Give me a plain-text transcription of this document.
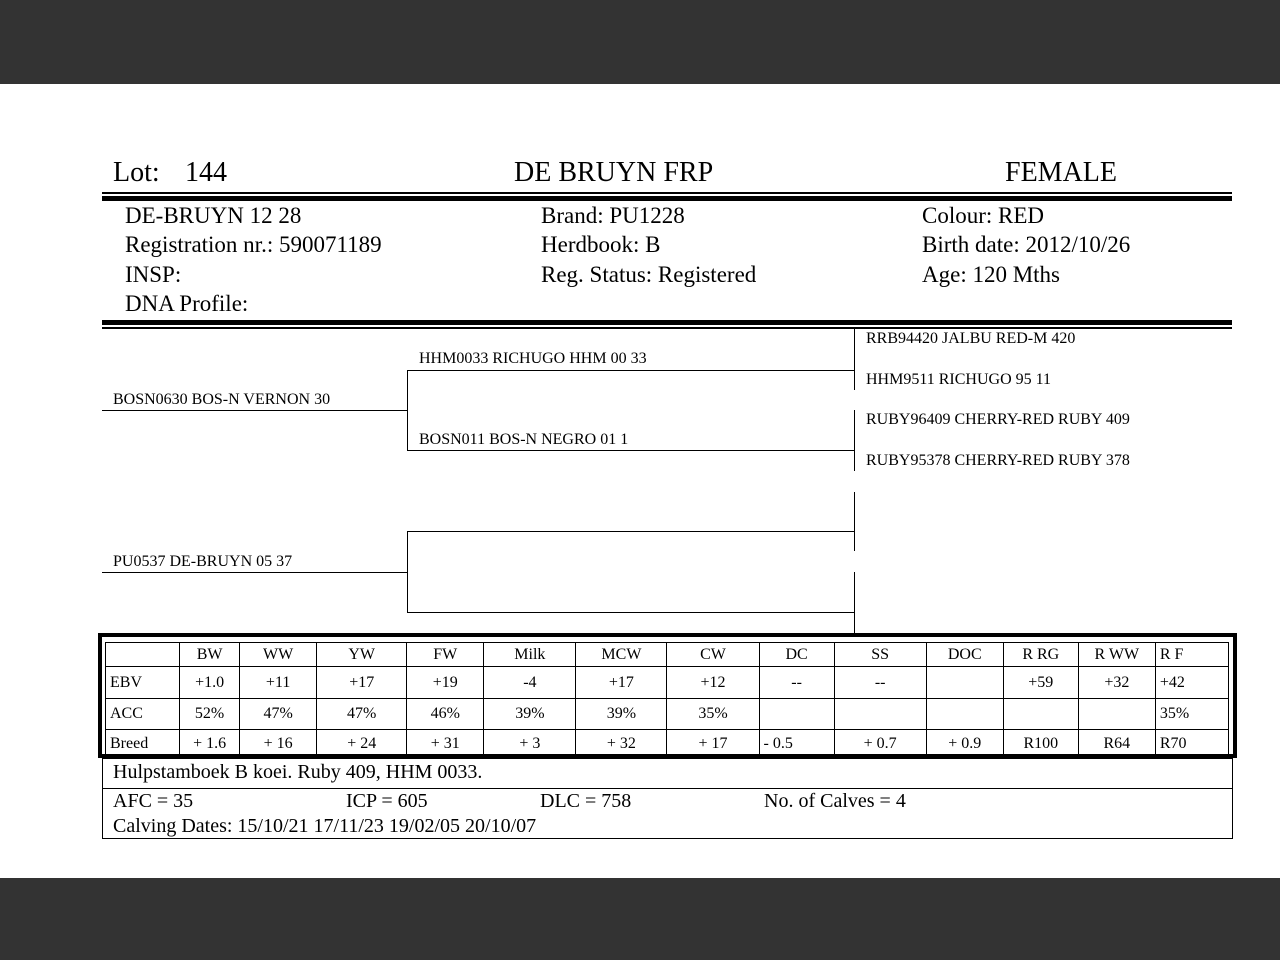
Lot: 144	DE BRUYN FRP	FEMALE
DE-BRUYN 12 28
Registration nr.: 590071189
INSP:
DNA Profile:
Brand: PU1228
Herdbook: B
Reg. Status: Registered
Colour: RED
Birth date: 2012/10/26
Age: 120 Mths
BOSN0630 BOS-N VERNON 30
HHM0033 RICHUGO HHM 00 33
BOSN011 BOS-N NEGRO 01 1
PU0537 DE-BRUYN 05 37
RRB94420 JALBU RED-M 420
HHM9511 RICHUGO 95 11
RUBY96409 CHERRY-RED RUBY 409
RUBY95378 CHERRY-RED RUBY 378
	BW	WW	YW	FW	Milk	MCW	CW	DC	SS	DOC	R RG	R WW	R F
EBV	+1.0	+11	+17	+19	-4	+17	+12	--	--		+59	+32	+42
ACC	52%	47%	47%	46%	39%	39%	35%						35%
Breed	+ 1.6	+ 16	+ 24	+ 31	+ 3	+ 32	+ 17	- 0.5	+ 0.7	+ 0.9	R100	R64	R70
Hulpstamboek B koei. Ruby 409, HHM 0033.
AFC = 35	ICP = 605	DLC = 758	No. of Calves = 4
Calving Dates: 15/10/21 17/11/23 19/02/05 20/10/07
